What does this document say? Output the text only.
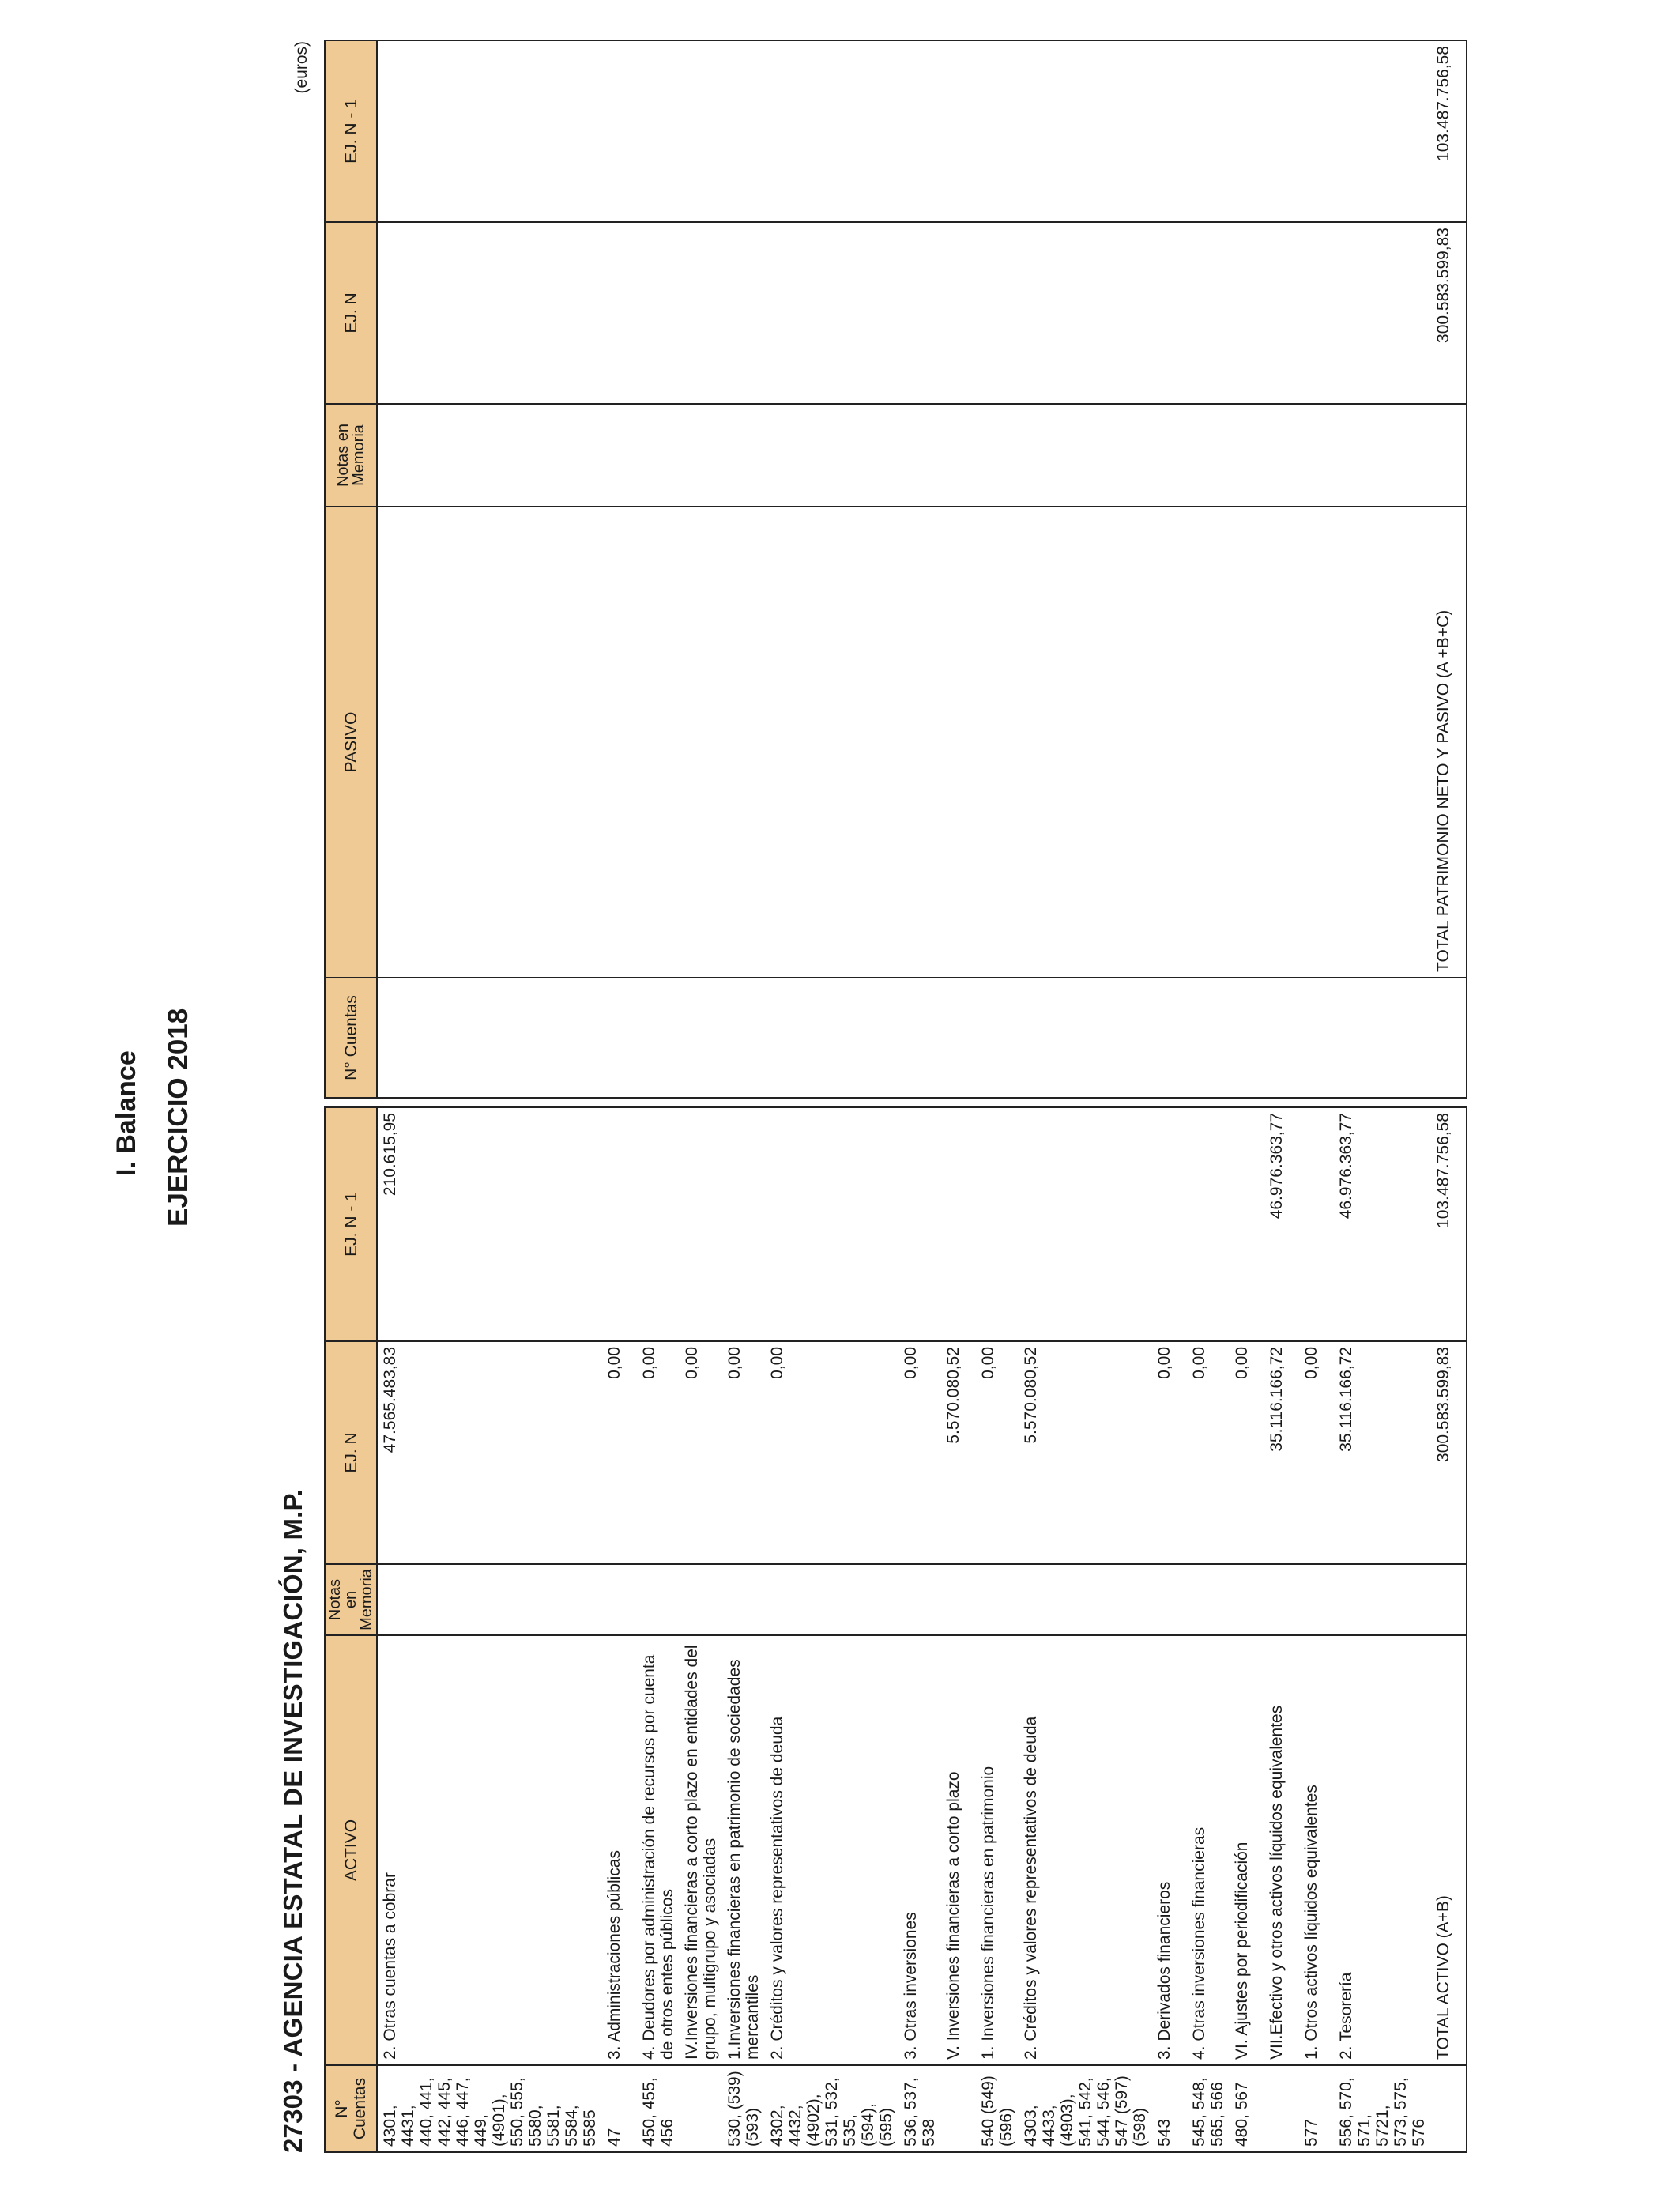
I. Balance EJERCICIO 2018
27303 - AGENCIA ESTATAL DE INVESTIGACIÓN, M.P.
(euros)
N° Cuentas	ACTIVO	Notas en Memoria	EJ. N	EJ. N - 1
4301, 4431, 440, 441, 442, 445, 446, 447, 449, (4901), 550, 555, 5580, 5581, 5584, 5585	2. Otras cuentas a cobrar		47.565.483,83	210.615,95
47	3. Administraciones públicas		0,00	
450, 455, 456	4. Deudores por administración de recursos por cuenta de otros entes públicos		0,00	
	IV.Inversiones financieras a corto plazo en entidades del grupo, multigrupo y asociadas		0,00	
530, (539) (593)	1.Inversiones financieras en patrimonio de sociedades mercantiles		0,00	
4302, 4432, (4902), 531, 532, 535, (594), (595)	2. Créditos y valores representativos de deuda		0,00	
536, 537, 538	3. Otras inversiones		0,00	
	V. Inversiones financieras a corto plazo		5.570.080,52	
540 (549) (596)	1. Inversiones financieras en patrimonio		0,00	
4303, 4433, (4903), 541, 542, 544, 546, 547 (597) (598)	2. Créditos y valores representativos de deuda		5.570.080,52	
543	3. Derivados financieros		0,00	
545, 548, 565, 566	4. Otras inversiones financieras		0,00	
480, 567	VI. Ajustes por periodificación		0,00	
	VII.Efectivo y otros activos líquidos equivalentes		35.116.166,72	46.976.363,77
577	1. Otros activos líquidos equivalentes		0,00	
556, 570, 571, 5721, 573, 575, 576	2. Tesorería		35.116.166,72	46.976.363,77
	TOTAL ACTIVO (A+B)		300.583.599,83	103.487.756,58
N° Cuentas	PASIVO	Notas en Memoria	EJ. N	EJ. N - 1
	TOTAL PATRIMONIO NETO Y PASIVO (A +B+C)		300.583.599,83	103.487.756,58
